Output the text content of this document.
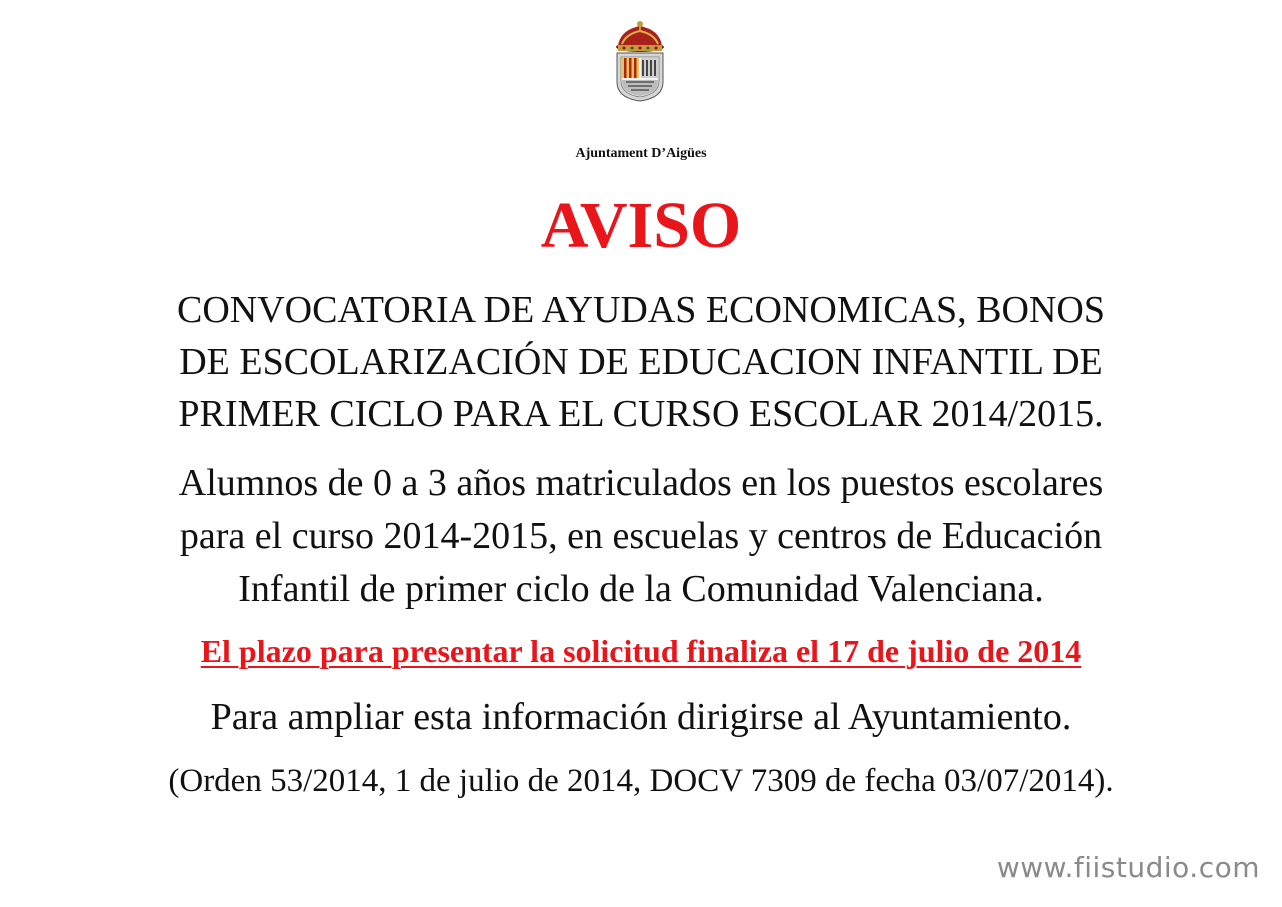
Ajuntament D’Aigües
AVISO
CONVOCATORIA DE AYUDAS ECONOMICAS, BONOS
DE ESCOLARIZACIÓN DE EDUCACION INFANTIL DE
PRIMER CICLO PARA EL CURSO ESCOLAR 2014/2015.
Alumnos de 0 a 3 años matriculados en los puestos escolares
para el curso 2014-2015, en escuelas y centros de Educación
Infantil de primer ciclo de la Comunidad Valenciana.
El plazo para presentar la solicitud finaliza el 17 de julio de 2014
Para ampliar esta información dirigirse al Ayuntamiento.
(Orden 53/2014, 1 de julio de 2014, DOCV 7309 de fecha 03/07/2014).
www.fiistudio.com
